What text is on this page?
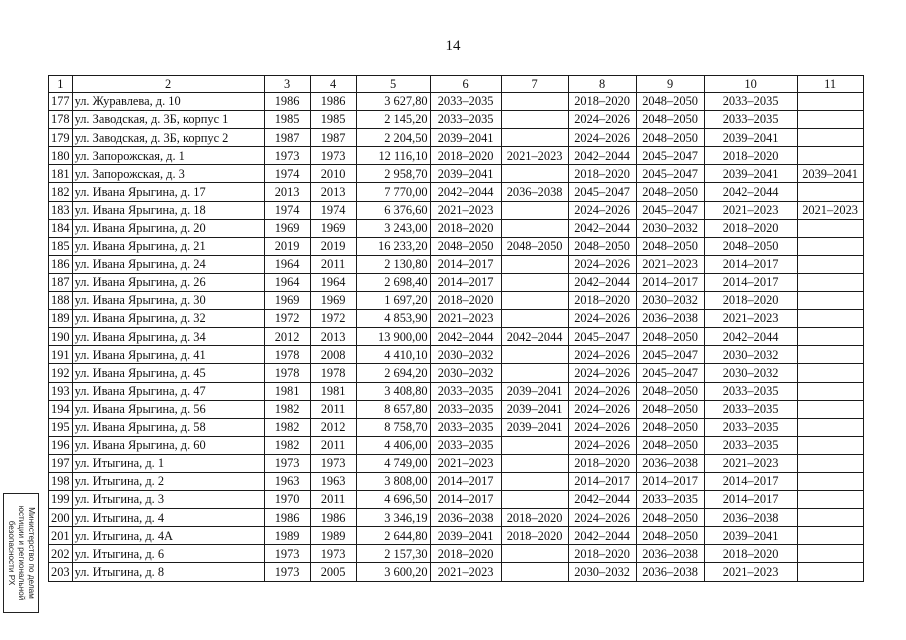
14
1	2	3	4	5	6	7	8	9	10	11
177	ул. Журавлева, д. 10	1986	1986	3 627,80	2033–2035		2018–2020	2048–2050	2033–2035	
178	ул. Заводская, д. 3Б, корпус 1	1985	1985	2 145,20	2033–2035		2024–2026	2048–2050	2033–2035	
179	ул. Заводская, д. 3Б, корпус 2	1987	1987	2 204,50	2039–2041		2024–2026	2048–2050	2039–2041	
180	ул. Запорожская, д. 1	1973	1973	12 116,10	2018–2020	2021–2023	2042–2044	2045–2047	2018–2020	
181	ул. Запорожская, д. 3	1974	2010	2 958,70	2039–2041		2018–2020	2045–2047	2039–2041	2039–2041
182	ул. Ивана Ярыгина, д. 17	2013	2013	7 770,00	2042–2044	2036–2038	2045–2047	2048–2050	2042–2044	
183	ул. Ивана Ярыгина, д. 18	1974	1974	6 376,60	2021–2023		2024–2026	2045–2047	2021–2023	2021–2023
184	ул. Ивана Ярыгина, д. 20	1969	1969	3 243,00	2018–2020		2042–2044	2030–2032	2018–2020	
185	ул. Ивана Ярыгина, д. 21	2019	2019	16 233,20	2048–2050	2048–2050	2048–2050	2048–2050	2048–2050	
186	ул. Ивана Ярыгина, д. 24	1964	2011	2 130,80	2014–2017		2024–2026	2021–2023	2014–2017	
187	ул. Ивана Ярыгина, д. 26	1964	1964	2 698,40	2014–2017		2042–2044	2014–2017	2014–2017	
188	ул. Ивана Ярыгина, д. 30	1969	1969	1 697,20	2018–2020		2018–2020	2030–2032	2018–2020	
189	ул. Ивана Ярыгина, д. 32	1972	1972	4 853,90	2021–2023		2024–2026	2036–2038	2021–2023	
190	ул. Ивана Ярыгина, д. 34	2012	2013	13 900,00	2042–2044	2042–2044	2045–2047	2048–2050	2042–2044	
191	ул. Ивана Ярыгина, д. 41	1978	2008	4 410,10	2030–2032		2024–2026	2045–2047	2030–2032	
192	ул. Ивана Ярыгина, д. 45	1978	1978	2 694,20	2030–2032		2024–2026	2045–2047	2030–2032	
193	ул. Ивана Ярыгина, д. 47	1981	1981	3 408,80	2033–2035	2039–2041	2024–2026	2048–2050	2033–2035	
194	ул. Ивана Ярыгина, д. 56	1982	2011	8 657,80	2033–2035	2039–2041	2024–2026	2048–2050	2033–2035	
195	ул. Ивана Ярыгина, д. 58	1982	2012	8 758,70	2033–2035	2039–2041	2024–2026	2048–2050	2033–2035	
196	ул. Ивана Ярыгина, д. 60	1982	2011	4 406,00	2033–2035		2024–2026	2048–2050	2033–2035	
197	ул. Итыгина, д. 1	1973	1973	4 749,00	2021–2023		2018–2020	2036–2038	2021–2023	
198	ул. Итыгина, д. 2	1963	1963	3 808,00	2014–2017		2014–2017	2014–2017	2014–2017	
199	ул. Итыгина, д. 3	1970	2011	4 696,50	2014–2017		2042–2044	2033–2035	2014–2017	
200	ул. Итыгина, д. 4	1986	1986	3 346,19	2036–2038	2018–2020	2024–2026	2048–2050	2036–2038	
201	ул. Итыгина, д. 4А	1989	1989	2 644,80	2039–2041	2018–2020	2042–2044	2048–2050	2039–2041	
202	ул. Итыгина, д. 6	1973	1973	2 157,30	2018–2020		2018–2020	2036–2038	2018–2020	
203	ул. Итыгина, д. 8	1973	2005	3 600,20	2021–2023		2030–2032	2036–2038	2021–2023	
Министерство по делам
юстиции и региональной
безопасности РХ
